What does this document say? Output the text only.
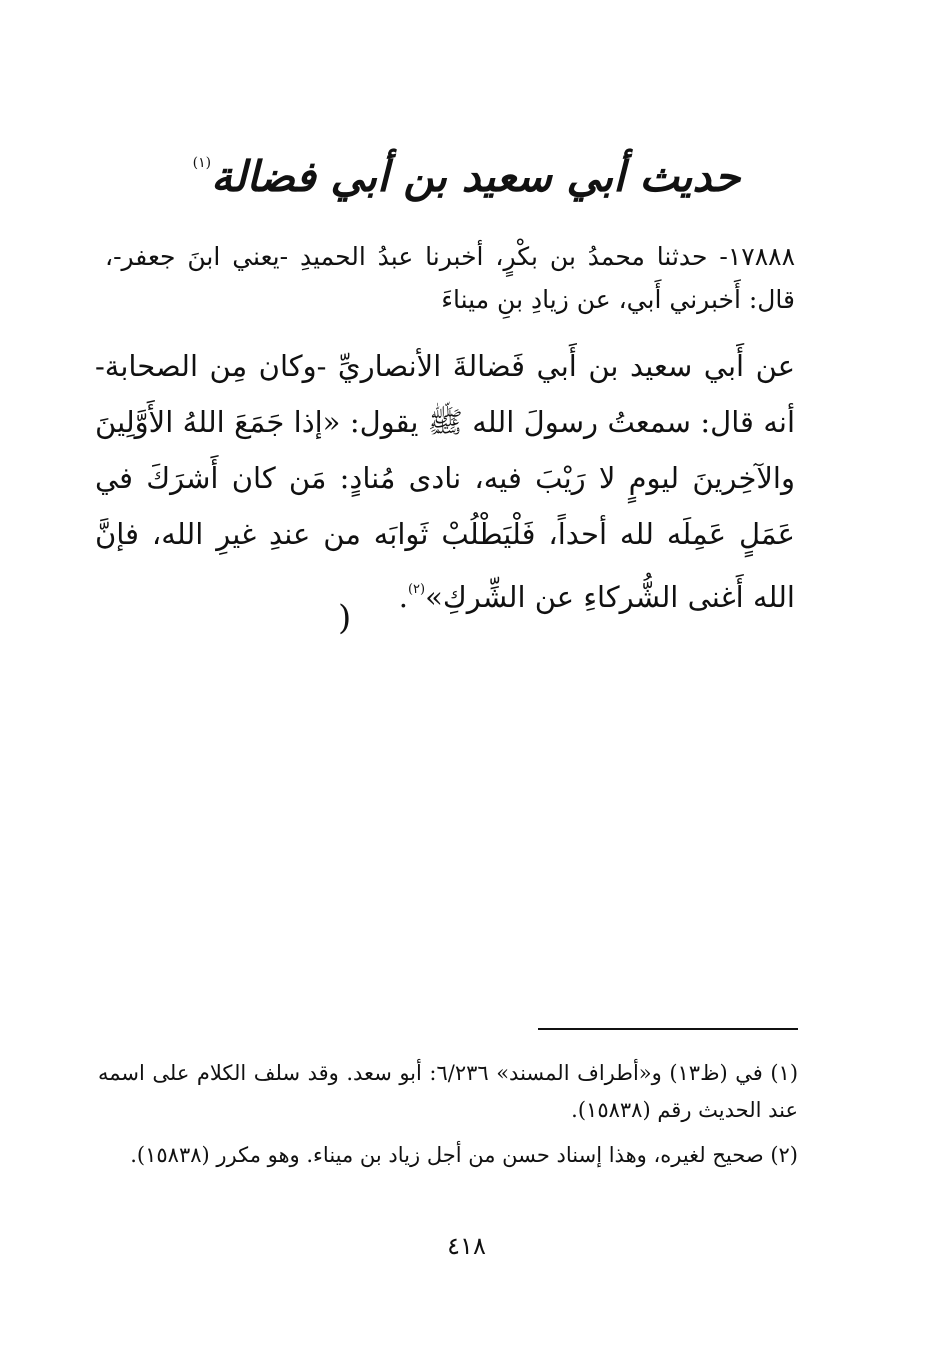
حديث أبي سعيد بن أبي فضالة$^{(١)}$
١٧٨٨٨- حدثنا محمدُ بن بكْرٍ، أخبرنا عبدُ الحميدِ -يعني ابنَ جعفر-، قال: أَخبرني أَبي، عن زيادِ بنِ ميناءَ
عن أَبي سعيد بن أَبي فَضالةَ الأنصاريِّ -وكان مِن الصحابة- أنه قال: سمعتُ رسولَ الله ﷺ يقول: «إذا جَمَعَ اللهُ الأَوَّلِينَ والآخِرينَ ليومٍ لا رَيْبَ فيه، نادى مُنادٍ: مَن كان أَشرَكَ في عَمَلٍ عَمِلَه لله أحداً، فَلْيَطْلُبْ ثَوابَه من عندِ غيرِ الله، فإنَّ الله أَغنى الشُّركاءِ عن الشِّركِ»$^{(٢)}$.
)

(١) في (ظ١٣) و«أطراف المسند» ٦/٢٣٦: أبو سعد. وقد سلف الكلام على اسمه عند الحديث رقم (١٥٨٣٨).

(٢) صحيح لغيره، وهذا إسناد حسن من أجل زياد بن ميناء. وهو مكرر (١٥٨٣٨).

٤١٨
